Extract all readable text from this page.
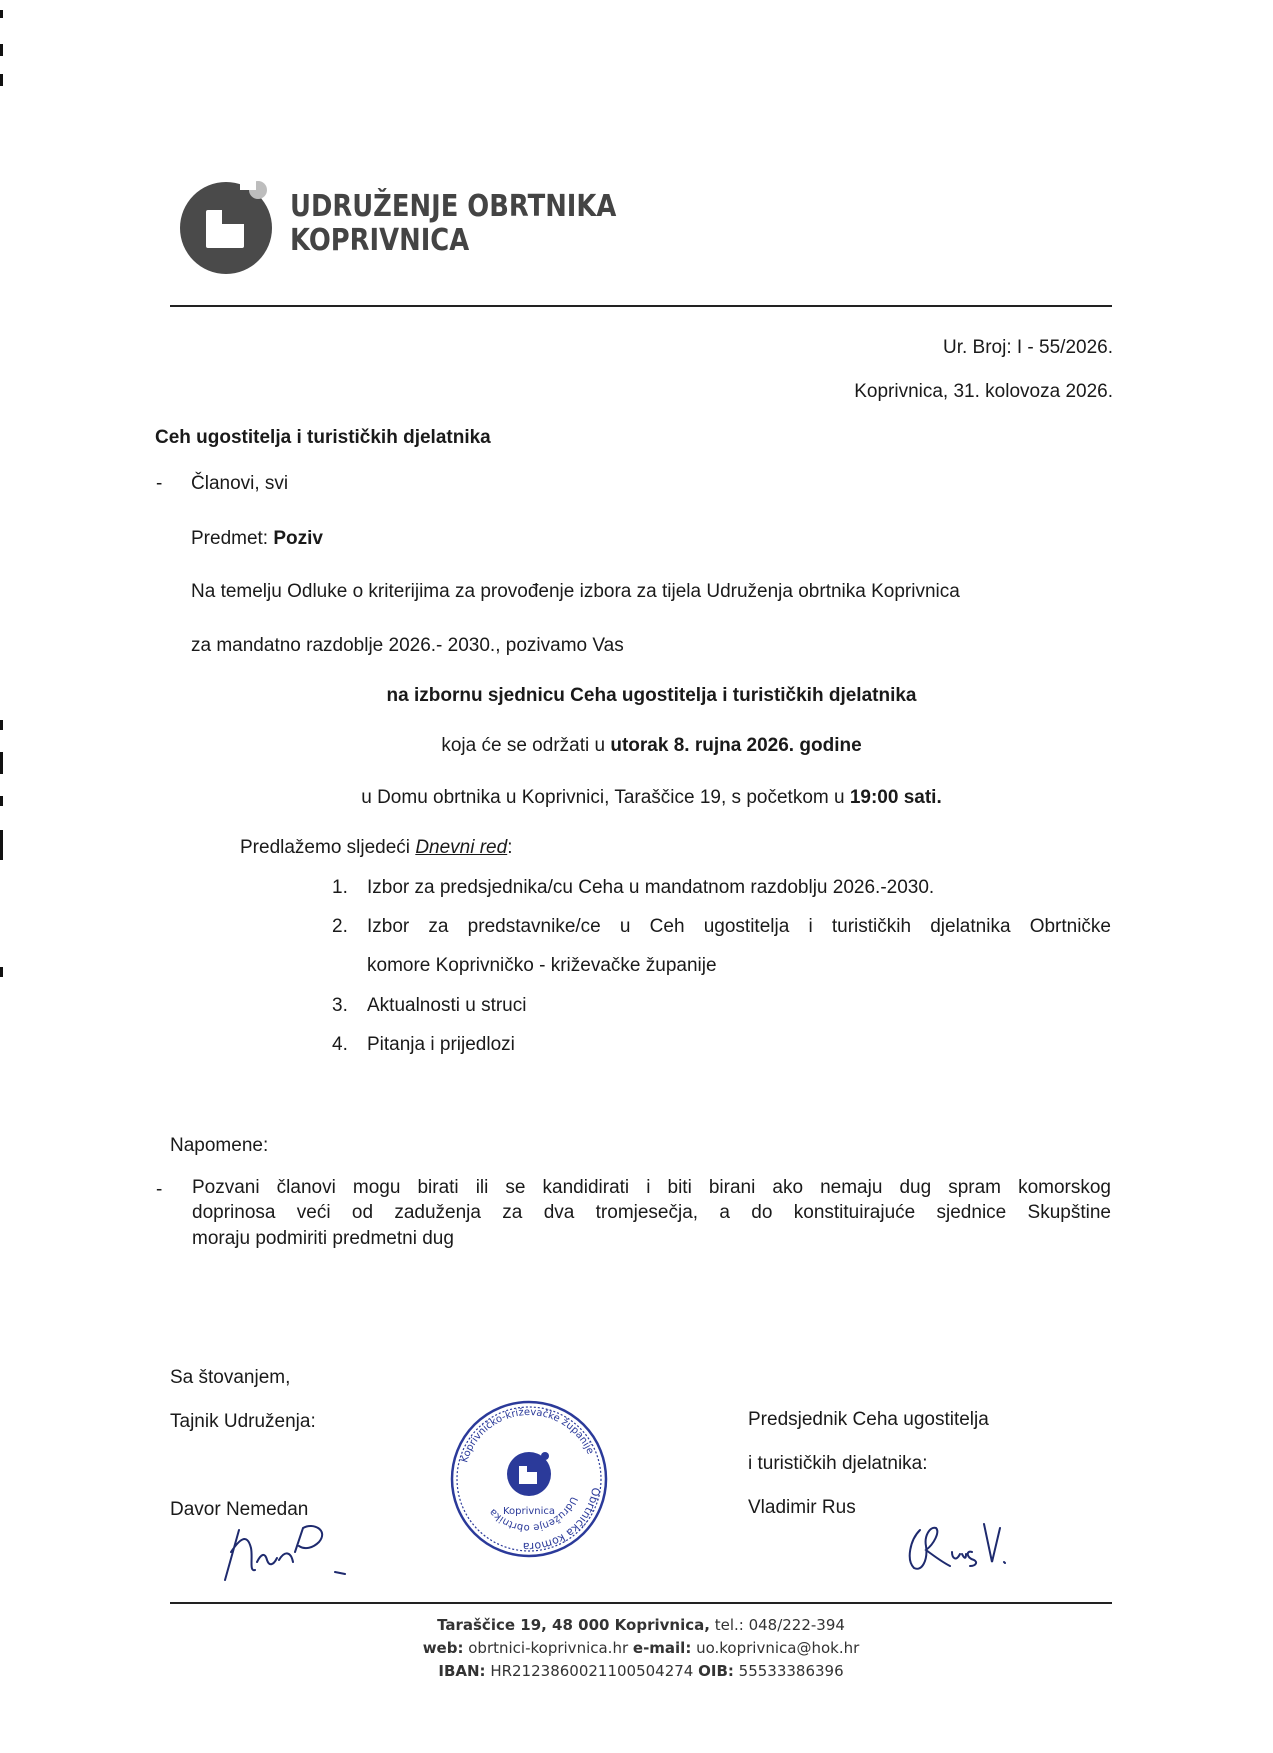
UDRUŽENJE OBRTNIKA
KOPRIVNICA
Ur. Broj: I - 55/2026.
Koprivnica, 31. kolovoza 2026.
Ceh ugostitelja i turističkih djelatnika
- Članovi, svi
Predmet: Poziv
Na temelju Odluke o kriterijima za provođenje izbora za tijela Udruženja obrtnika Koprivnica
za mandatno razdoblje 2026.- 2030., pozivamo Vas
na izbornu sjednicu Ceha ugostitelja i turističkih djelatnika
koja će se održati u utorak 8. rujna 2026. godine
u Domu obrtnika u Koprivnici, Taraščice 19, s početkom u 19:00 sati.
Predlažemo sljedeći Dnevni red:
1. Izbor za predsjednika/cu Ceha u mandatnom razdoblju 2026.-2030.
2. Izbor za predstavnike/ce u Ceh ugostitelja i turističkih djelatnika Obrtničke
komore Koprivničko - križevačke županije
3. Aktualnosti u struci
4. Pitanja i prijedlozi
Napomene:
- Pozvani članovi mogu birati ili se kandidirati i biti birani ako nemaju dug spram komorskog
doprinosa veći od zaduženja za dva tromjesečja, a do konstituirajuće sjednice Skupštine
moraju podmiriti predmetni dug
Sa štovanjem,
Tajnik Udruženja:
Davor Nemedan
Predsjednik Ceha ugostitelja
i turističkih djelatnika:
Vladimir Rus
Obrtnička komora
Udruženje obrtnika
Koprivničko-križevačke županije
Koprivnica
Taraščice 19, 48 000 Koprivnica, tel.: 048/222-394
web: obrtnici-koprivnica.hr e-mail: uo.koprivnica@hok.hr
IBAN: HR2123860021100504274 OIB: 55533386396
